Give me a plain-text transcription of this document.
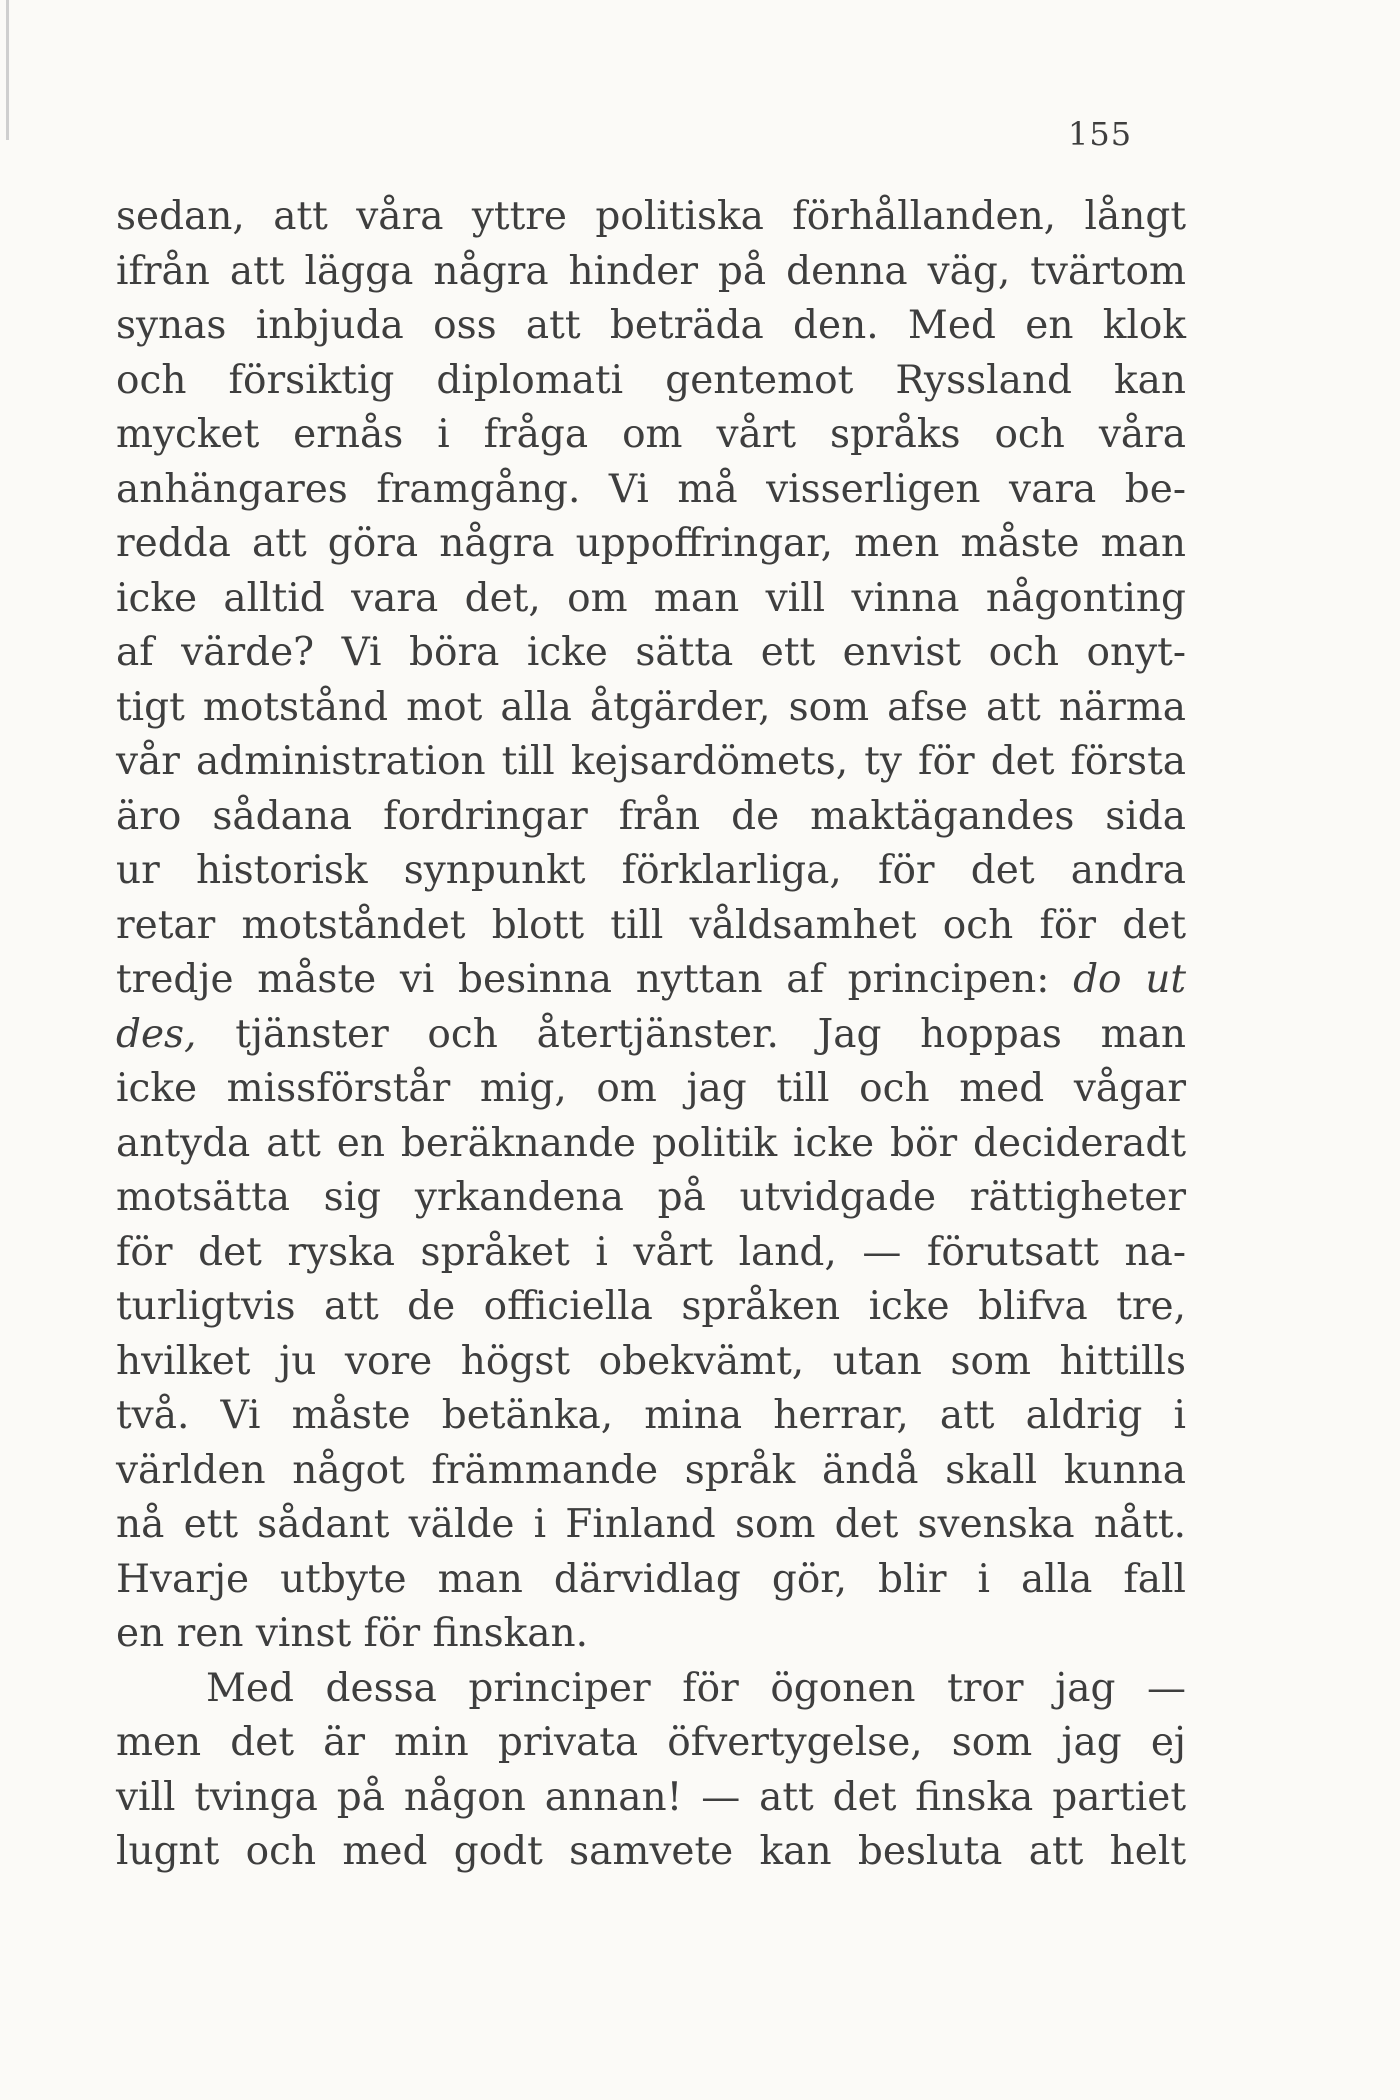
155
sedan, att våra yttre politiska förhållanden, långt
ifrån att lägga några hinder på denna väg, tvärtom
synas inbjuda oss att beträda den. Med en klok
och försiktig diplomati gentemot Ryssland kan
mycket ernås i fråga om vårt språks och våra
anhängares framgång. Vi må visserligen vara be-
redda att göra några uppoffringar, men måste man
icke alltid vara det, om man vill vinna någonting
af värde? Vi böra icke sätta ett envist och onyt-
tigt motstånd mot alla åtgärder, som afse att närma
vår administration till kejsardömets, ty för det första
äro sådana fordringar från de maktägandes sida
ur historisk synpunkt förklarliga, för det andra
retar motståndet blott till våldsamhet och för det
tredje måste vi besinna nyttan af principen: do ut
des, tjänster och återtjänster. Jag hoppas man
icke missförstår mig, om jag till och med vågar
antyda att en beräknande politik icke bör decideradt
motsätta sig yrkandena på utvidgade rättigheter
för det ryska språket i vårt land, — förutsatt na-
turligtvis att de officiella språken icke blifva tre,
hvilket ju vore högst obekvämt, utan som hittills
två. Vi måste betänka, mina herrar, att aldrig i
världen något främmande språk ändå skall kunna
nå ett sådant välde i Finland som det svenska nått.
Hvarje utbyte man därvidlag gör, blir i alla fall
en ren vinst för finskan.
Med dessa principer för ögonen tror jag —
men det är min privata öfvertygelse, som jag ej
vill tvinga på någon annan! — att det finska partiet
lugnt och med godt samvete kan besluta att helt
